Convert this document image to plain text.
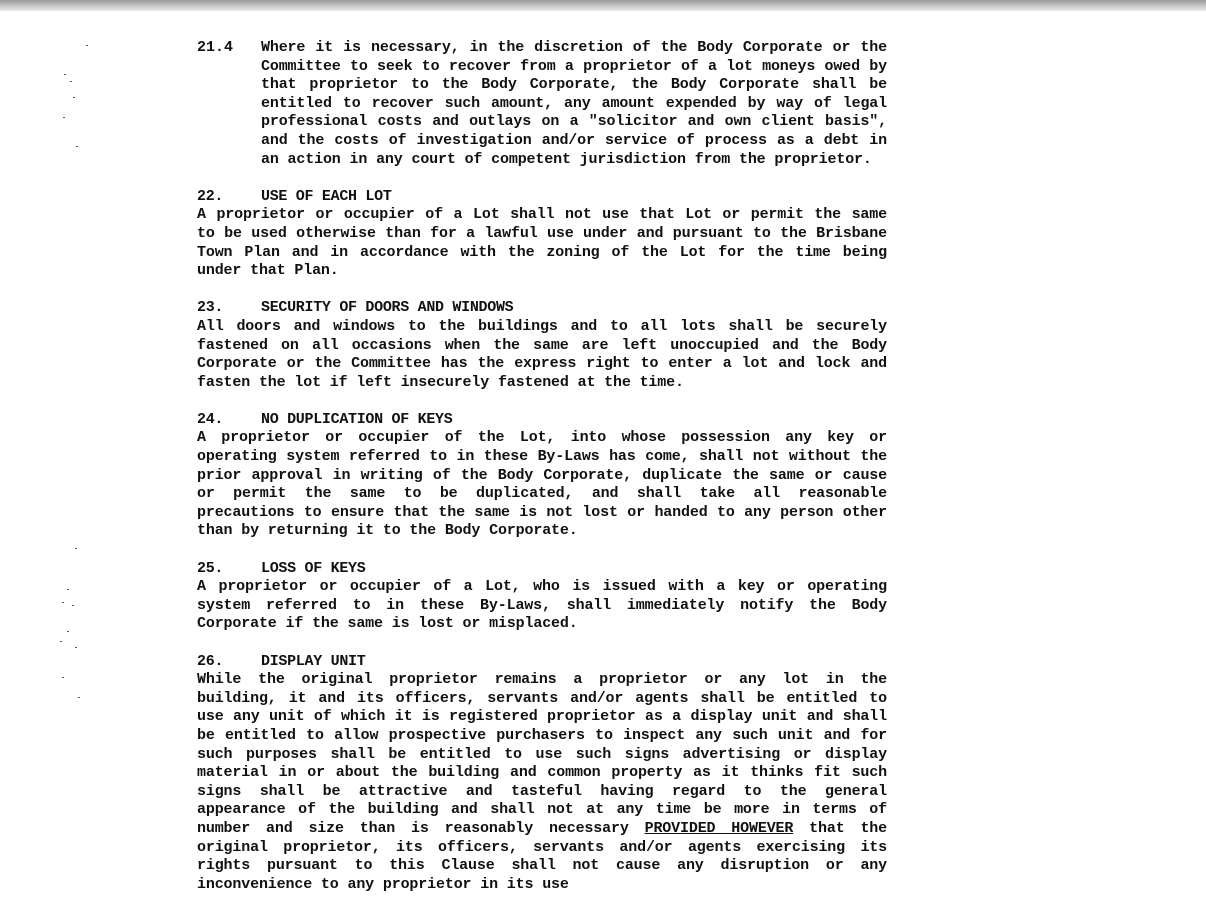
21.4	Where it is necessary, in the discretion of the Body Corporate or the Committee to seek to recover from a proprietor of a lot moneys owed by that proprietor to the Body Corporate, the Body Corporate shall be entitled to recover such amount, any amount expended by way of legal professional costs and outlays on a "solicitor and own client basis", and the costs of investigation and/or service of process as a debt in an action in any court of competent jurisdiction from the proprietor.

22.	USE OF EACH LOT

A proprietor or occupier of a Lot shall not use that Lot or permit the same to be used otherwise than for a lawful use under and pursuant to the Brisbane Town Plan and in accordance with the zoning of the Lot for the time being under that Plan.

23.	SECURITY OF DOORS AND WINDOWS

All doors and windows to the buildings and to all lots shall be securely fastened on all occasions when the same are left unoccupied and the Body Corporate or the Committee has the express right to enter a lot and lock and fasten the lot if left insecurely fastened at the time.

24.	NO DUPLICATION OF KEYS

A proprietor or occupier of the Lot, into whose possession any key or operating system referred to in these By-Laws has come, shall not without the prior approval in writing of the Body Corporate, duplicate the same or cause or permit the same to be duplicated, and shall take all reasonable precautions to ensure that the same is not lost or handed to any person other than by returning it to the Body Corporate.

25.	LOSS OF KEYS

A proprietor or occupier of a Lot, who is issued with a key or operating system referred to in these By-Laws, shall immediately notify the Body Corporate if the same is lost or misplaced.

26.	DISPLAY UNIT

While the original proprietor remains a proprietor or any lot in the building, it and its officers, servants and/or agents shall be entitled to use any unit of which it is registered proprietor as a display unit and shall be entitled to allow prospective purchasers to inspect any such unit and for such purposes shall be entitled to use such signs advertising or display material in or about the building and common property as it thinks fit such signs shall be attractive and tasteful having regard to the general appearance of the building and shall not at any time be more in terms of number and size than is reasonably necessary PROVIDED HOWEVER that the original proprietor, its officers, servants and/or agents exercising its rights pursuant to this Clause shall not cause any disruption or any inconvenience to any proprietor in its use
